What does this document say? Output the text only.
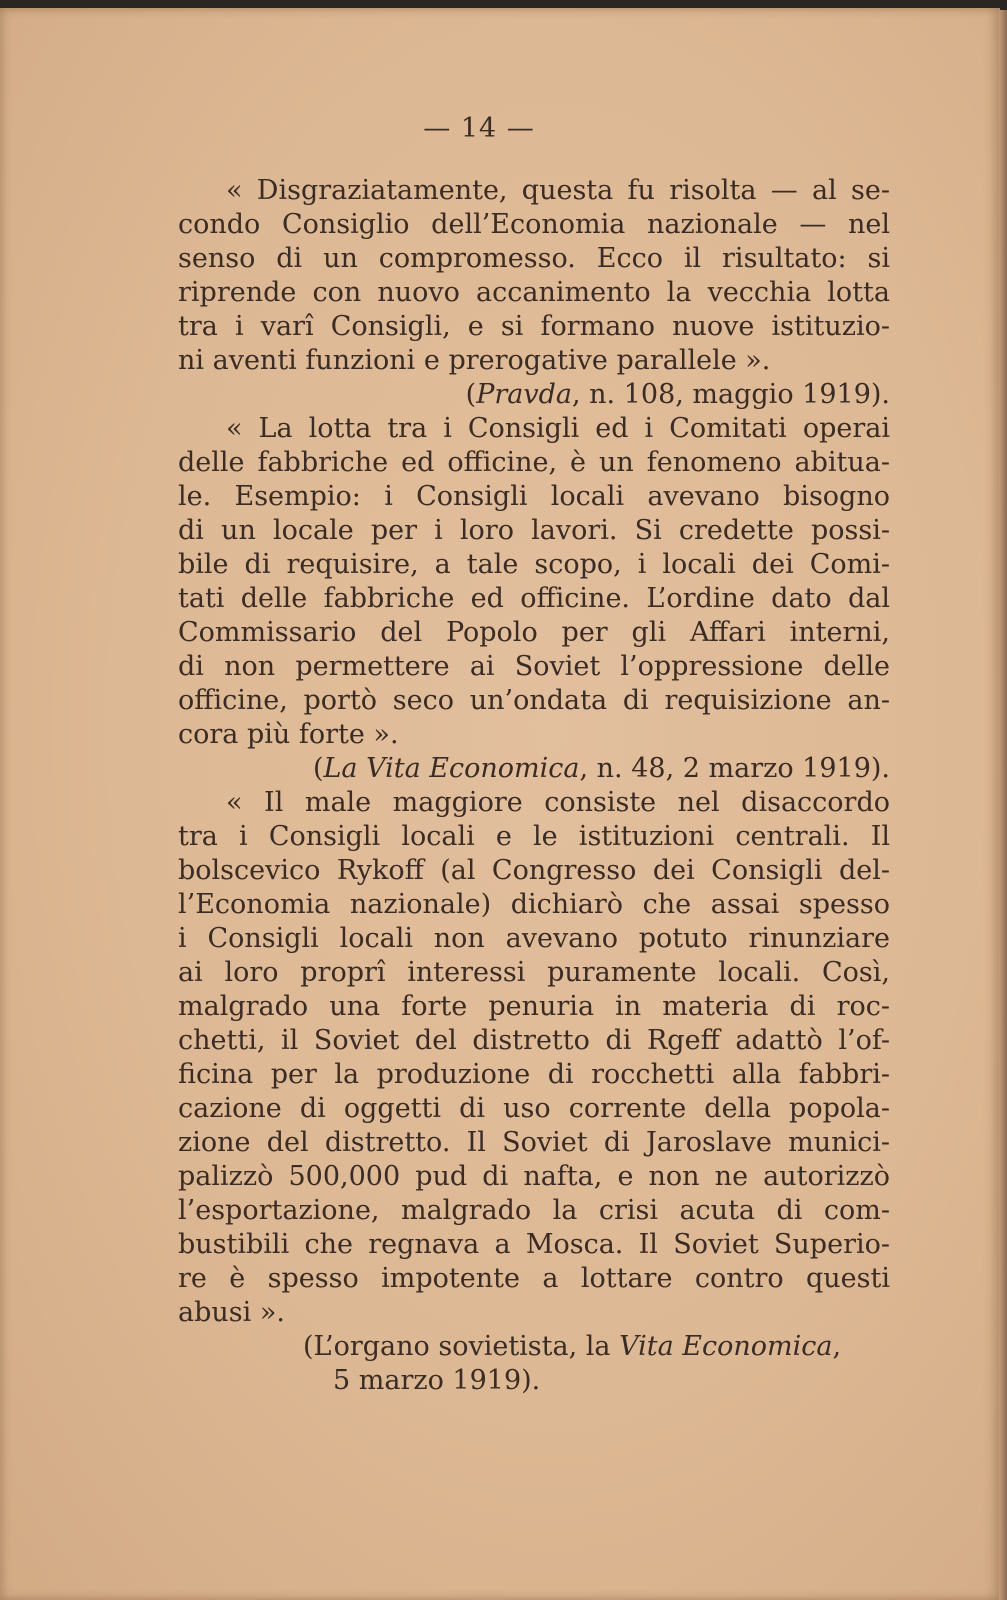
— 14 —
« Disgraziatamente, questa fu risolta — al se-
condo Consiglio dell’Economia nazionale — nel
senso di un compromesso. Ecco il risultato: si
riprende con nuovo accanimento la vecchia lotta
tra i varî Consigli, e si formano nuove istituzio-
ni aventi funzioni e prerogative parallele ».
(Pravda, n. 108, maggio 1919).
« La lotta tra i Consigli ed i Comitati operai
delle fabbriche ed officine, è un fenomeno abitua-
le. Esempio: i Consigli locali avevano bisogno
di un locale per i loro lavori. Si credette possi-
bile di requisire, a tale scopo, i locali dei Comi-
tati delle fabbriche ed officine. L’ordine dato dal
Commissario del Popolo per gli Affari interni,
di non permettere ai Soviet l’oppressione delle
officine, portò seco un’ondata di requisizione an-
cora più forte ».
(La Vita Economica, n. 48, 2 marzo 1919).
« Il male maggiore consiste nel disaccordo
tra i Consigli locali e le istituzioni centrali. Il
bolscevico Rykoff (al Congresso dei Consigli del-
l’Economia nazionale) dichiarò che assai spesso
i Consigli locali non avevano potuto rinunziare
ai loro proprî interessi puramente locali. Così,
malgrado una forte penuria in materia di roc-
chetti, il Soviet del distretto di Rgeff adattò l’of-
ficina per la produzione di rocchetti alla fabbri-
cazione di oggetti di uso corrente della popola-
zione del distretto. Il Soviet di Jaroslave munici-
palizzò 500,000 pud di nafta, e non ne autorizzò
l’esportazione, malgrado la crisi acuta di com-
bustibili che regnava a Mosca. Il Soviet Superio-
re è spesso impotente a lottare contro questi
abusi ».
(L’organo sovietista, la Vita Economica,
5 marzo 1919).
